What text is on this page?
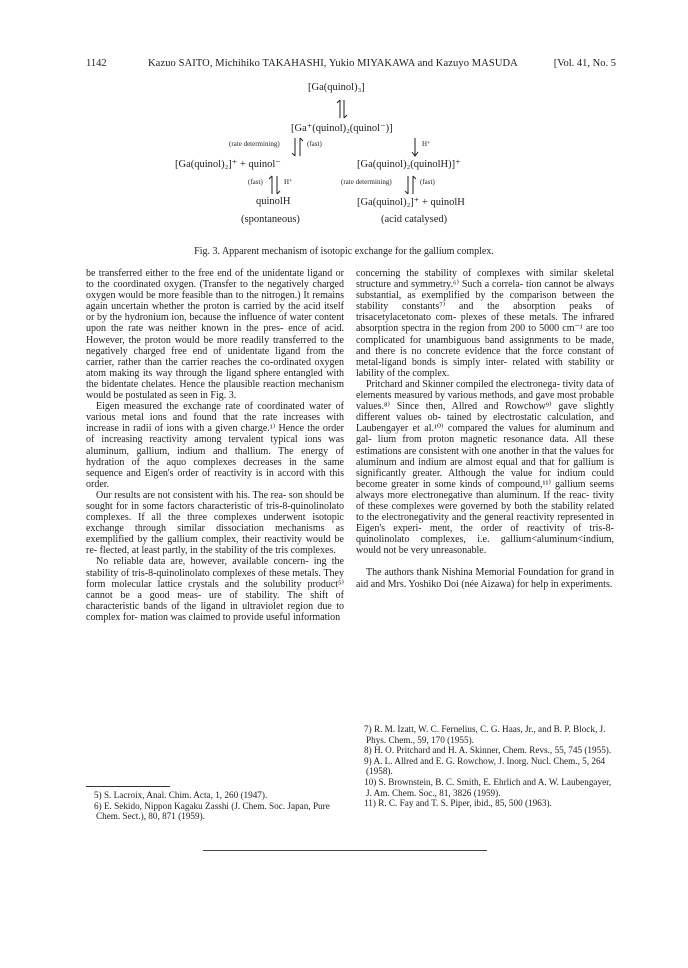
1142	Kazuo SAITO, Michihiko TAKAHASHI, Yukio MIYAKAWA and Kazuyo MASUDA	[Vol. 41, No. 5
[Ga(quinol)₃]
[Ga⁺(quinol)₂(quinol⁻)]
(rate determining)	(fast)	H⁺
[Ga(quinol)₂]⁺ + quinol⁻	[Ga(quinol)₂(quinolH)]⁺
(fast)	H⁺	(rate determining)	(fast)
quinolH	[Ga(quinol)₂]⁺ + quinolH
(spontaneous)	(acid catalysed)
Fig. 3. Apparent mechanism of isotopic exchange for the gallium complex.

be transferred either to the free end of the unidentate ligand or to the coordinated oxygen. (Transfer to the negatively charged oxygen would be more feasible than to the nitrogen.) It remains again uncertain whether the proton is carried by the acid itself or by the hydronium ion, because the influence of water content upon the rate was neither known in the pres- ence of acid. However, the proton would be more readily transferred to the negatively charged free end of unidentate ligand from the carrier, rather than the carrier reaches the co-ordinated oxygen atom making its way through the ligand sphere entangled with the bidentate chelates. Hence the plausible reaction mechanism would be postulated as seen in Fig. 3.

Eigen measured the exchange rate of coordinated water of various metal ions and found that the rate increases with increase in radii of ions with a given charge.¹⁾ Hence the order of increasing reactivity among tervalent typical ions was aluminum, gallium, indium and thallium. The energy of hydration of the aquo complexes decreases in the same sequence and Eigen's order of reactivity is in accord with this order.

Our results are not consistent with his. The rea- son should be sought for in some factors characteristic of tris-8-quinolinolato complexes. If all the three complexes underwent isotopic exchange through similar dissociation mechanisms as exemplified by the gallium complex, their reactivity would be re- flected, at least partly, in the stability of the tris complexes.

No reliable data are, however, available concern- ing the stability of tris-8-quinolinolato complexes of these metals. They form molecular lattice crystals and the solubility product⁵⁾ cannot be a good meas- ure of stability. The shift of characteristic bands of the ligand in ultraviolet region due to complex for- mation was claimed to provide useful information

concerning the stability of complexes with similar skeletal structure and symmetry.⁶⁾ Such a correla- tion cannot be always substantial, as exemplified by the comparison between the stability constants⁷⁾ and the absorption peaks of trisacetylacetonato com- plexes of these metals. The infrared absorption spectra in the region from 200 to 5000 cm⁻¹ are too complicated for unambiguous band assignments to be made, and there is no concrete evidence that the force constant of metal-ligand bonds is simply inter- related with stability or lability of the complex.

Pritchard and Skinner compiled the electronega- tivity data of elements measured by various methods, and gave most probable values.⁸⁾ Since then, Allred and Rowchow⁹⁾ gave slightly different values ob- tained by electrostatic calculation, and Laubengayer et al.¹⁰⁾ compared the values for aluminum and gal- lium from proton magnetic resonance data. All these estimations are consistent with one another in that the values for aluminum and indium are almost equal and that for gallium is significantly greater. Although the value for indium could become greater in some kinds of compound,¹¹⁾ gallium seems always more electronegative than aluminum. If the reac- tivity of these complexes were governed by both the stability related to the electronegativity and the general reactivity represented in Eigen's experi- ment, the order of reactivity of tris-8-quinolinolato complexes, i.e. gallium<aluminum<indium, would not be very unreasonable.

The authors thank Nishina Memorial Foundation for grand in aid and Mrs. Yoshiko Doi (née Aizawa) for help in experiments.

5) S. Lacroix, Anal. Chim. Acta, 1, 260 (1947).

6) E. Sekido, Nippon Kagaku Zasshi (J. Chem. Soc. Japan, Pure Chem. Sect.), 80, 871 (1959).

7) R. M. Izatt, W. C. Fernelius, C. G. Haas, Jr., and B. P. Block, J. Phys. Chem., 59, 170 (1955).

8) H. O. Pritchard and H. A. Skinner, Chem. Revs., 55, 745 (1955).

9) A. L. Allred and E. G. Rowchow, J. Inorg. Nucl. Chem., 5, 264 (1958).

10) S. Brownstein, B. C. Smith, E. Ehrlich and A. W. Laubengayer, J. Am. Chem. Soc., 81, 3826 (1959).

11) R. C. Fay and T. S. Piper, ibid., 85, 500 (1963).
